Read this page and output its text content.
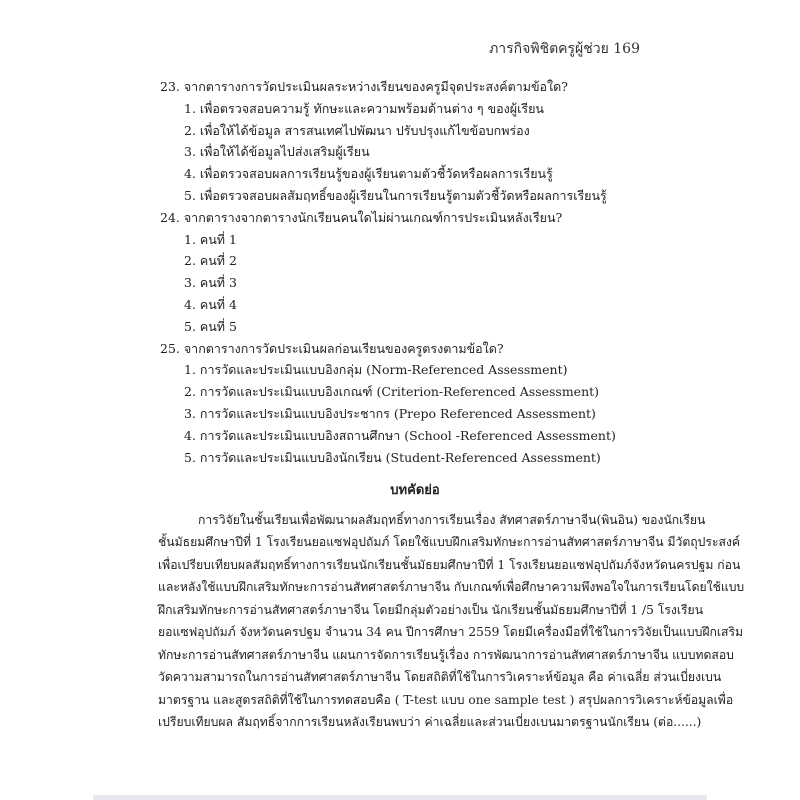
ภารกิจพิชิตครูผู้ช่วย 169

23. จากตารางการวัดประเมินผลระหว่างเรียนของครูมีจุดประสงค์ตามข้อใด?

1. เพื่อตรวจสอบความรู้ ทักษะและความพร้อมด้านต่าง ๆ ของผู้เรียน
2. เพื่อให้ได้ข้อมูล สารสนเทศไปพัฒนา ปรับปรุงแก้ไขข้อบกพร่อง
3. เพื่อให้ได้ข้อมูลไปส่งเสริมผู้เรียน
4. เพื่อตรวจสอบผลการเรียนรู้ของผู้เรียนตามตัวชี้วัดหรือผลการเรียนรู้
5. เพื่อตรวจสอบผลสัมฤทธิ์ของผู้เรียนในการเรียนรู้ตามตัวชี้วัดหรือผลการเรียนรู้

24. จากตารางจากตารางนักเรียนคนใดไม่ผ่านเกณฑ์การประเมินหลังเรียน?

1. คนที่ 1
2. คนที่ 2
3. คนที่ 3
4. คนที่ 4
5. คนที่ 5

25. จากตารางการวัดประเมินผลก่อนเรียนของครูตรงตามข้อใด?

1. การวัดและประเมินแบบอิงกลุ่ม (Norm-Referenced Assessment)
2. การวัดและประเมินแบบอิงเกณฑ์ (Criterion-Referenced Assessment)
3. การวัดและประเมินแบบอิงประชากร (Prepo Referenced Assessment)
4. การวัดและประเมินแบบอิงสถานศึกษา (School -Referenced Assessment)
5. การวัดและประเมินแบบอิงนักเรียน (Student-Referenced Assessment)

บทคัดย่อ

การวิจัยในชั้นเรียนเพื่อพัฒนาผลสัมฤทธิ์ทางการเรียนเรื่อง สัทศาสตร์ภาษาจีน(พินอิน) ของนักเรียน

ชั้นมัธยมศึกษาปีที่ 1 โรงเรียนยอแซฟอุปถัมภ์ โดยใช้แบบฝึกเสริมทักษะการอ่านสัทศาสตร์ภาษาจีน มีวัตถุประสงค์

เพื่อเปรียบเทียบผลสัมฤทธิ์ทางการเรียนนักเรียนชั้นมัธยมศึกษาปีที่ 1 โรงเรียนยอแซฟอุปถัมภ์จังหวัดนครปฐม ก่อน

และหลังใช้แบบฝึกเสริมทักษะการอ่านสัทศาสตร์ภาษาจีน กับเกณฑ์เพื่อศึกษาความพึงพอใจในการเรียนโดยใช้แบบ

ฝึกเสริมทักษะการอ่านสัทศาสตร์ภาษาจีน โดยมีกลุ่มตัวอย่างเป็น นักเรียนชั้นมัธยมศึกษาปีที่ 1 /5 โรงเรียน

ยอแซฟอุปถัมภ์ จังหวัดนครปฐม จำนวน 34 คน ปีการศึกษา 2559 โดยมีเครื่องมือที่ใช้ในการวิจัยเป็นแบบฝึกเสริม

ทักษะการอ่านสัทศาสตร์ภาษาจีน แผนการจัดการเรียนรู้เรื่อง การพัฒนาการอ่านสัทศาสตร์ภาษาจีน แบบทดสอบ

วัดความสามารถในการอ่านสัทศาสตร์ภาษาจีน โดยสถิติที่ใช้ในการวิเคราะห์ข้อมูล คือ ค่าเฉลี่ย ส่วนเบี่ยงเบน

มาตรฐาน และสูตรสถิติที่ใช้ในการทดสอบคือ ( T-test แบบ one sample test ) สรุปผลการวิเคราะห์ข้อมูลเพื่อ

เปรียบเทียบผล สัมฤทธิ์จากการเรียนหลังเรียนพบว่า ค่าเฉลี่ยและส่วนเบี่ยงเบนมาตรฐานนักเรียน (ต่อ......)
